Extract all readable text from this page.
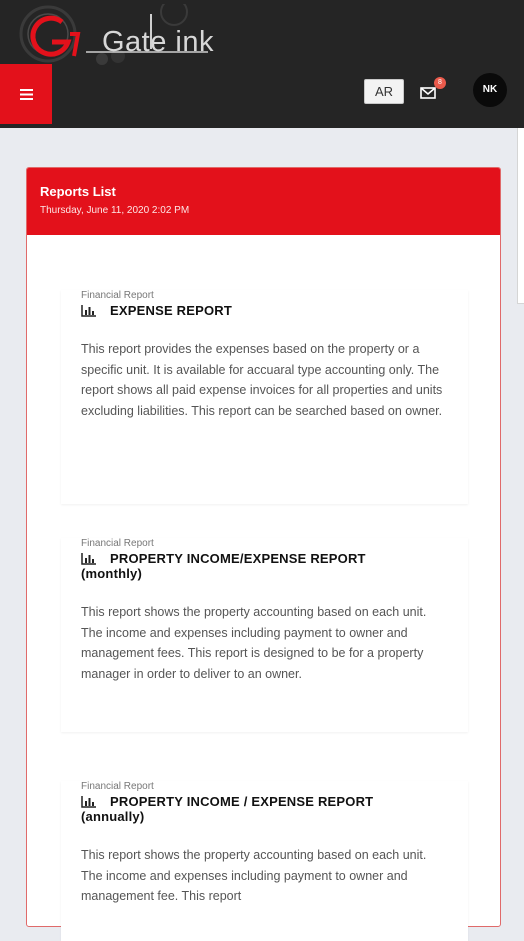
Gate ink
AR
8
NK
Reports List
Thursday, June 11, 2020 2:02 PM
Financial Report
EXPENSE REPORT
This report provides the expenses based on the property or a specific unit. It is available for accuaral type accounting only. The report shows all paid expense invoices for all properties and units excluding liabilities. This report can be searched based on owner.
Financial Report
PROPERTY INCOME/EXPENSE REPORT
(monthly)
This report shows the property accounting based on each unit. The income and expenses including payment to owner and management fees. This report is designed to be for a property manager in order to deliver to an owner.
Financial Report
PROPERTY INCOME / EXPENSE REPORT
(annually)
This report shows the property accounting based on each unit. The income and expenses including payment to owner and management fee. This report
